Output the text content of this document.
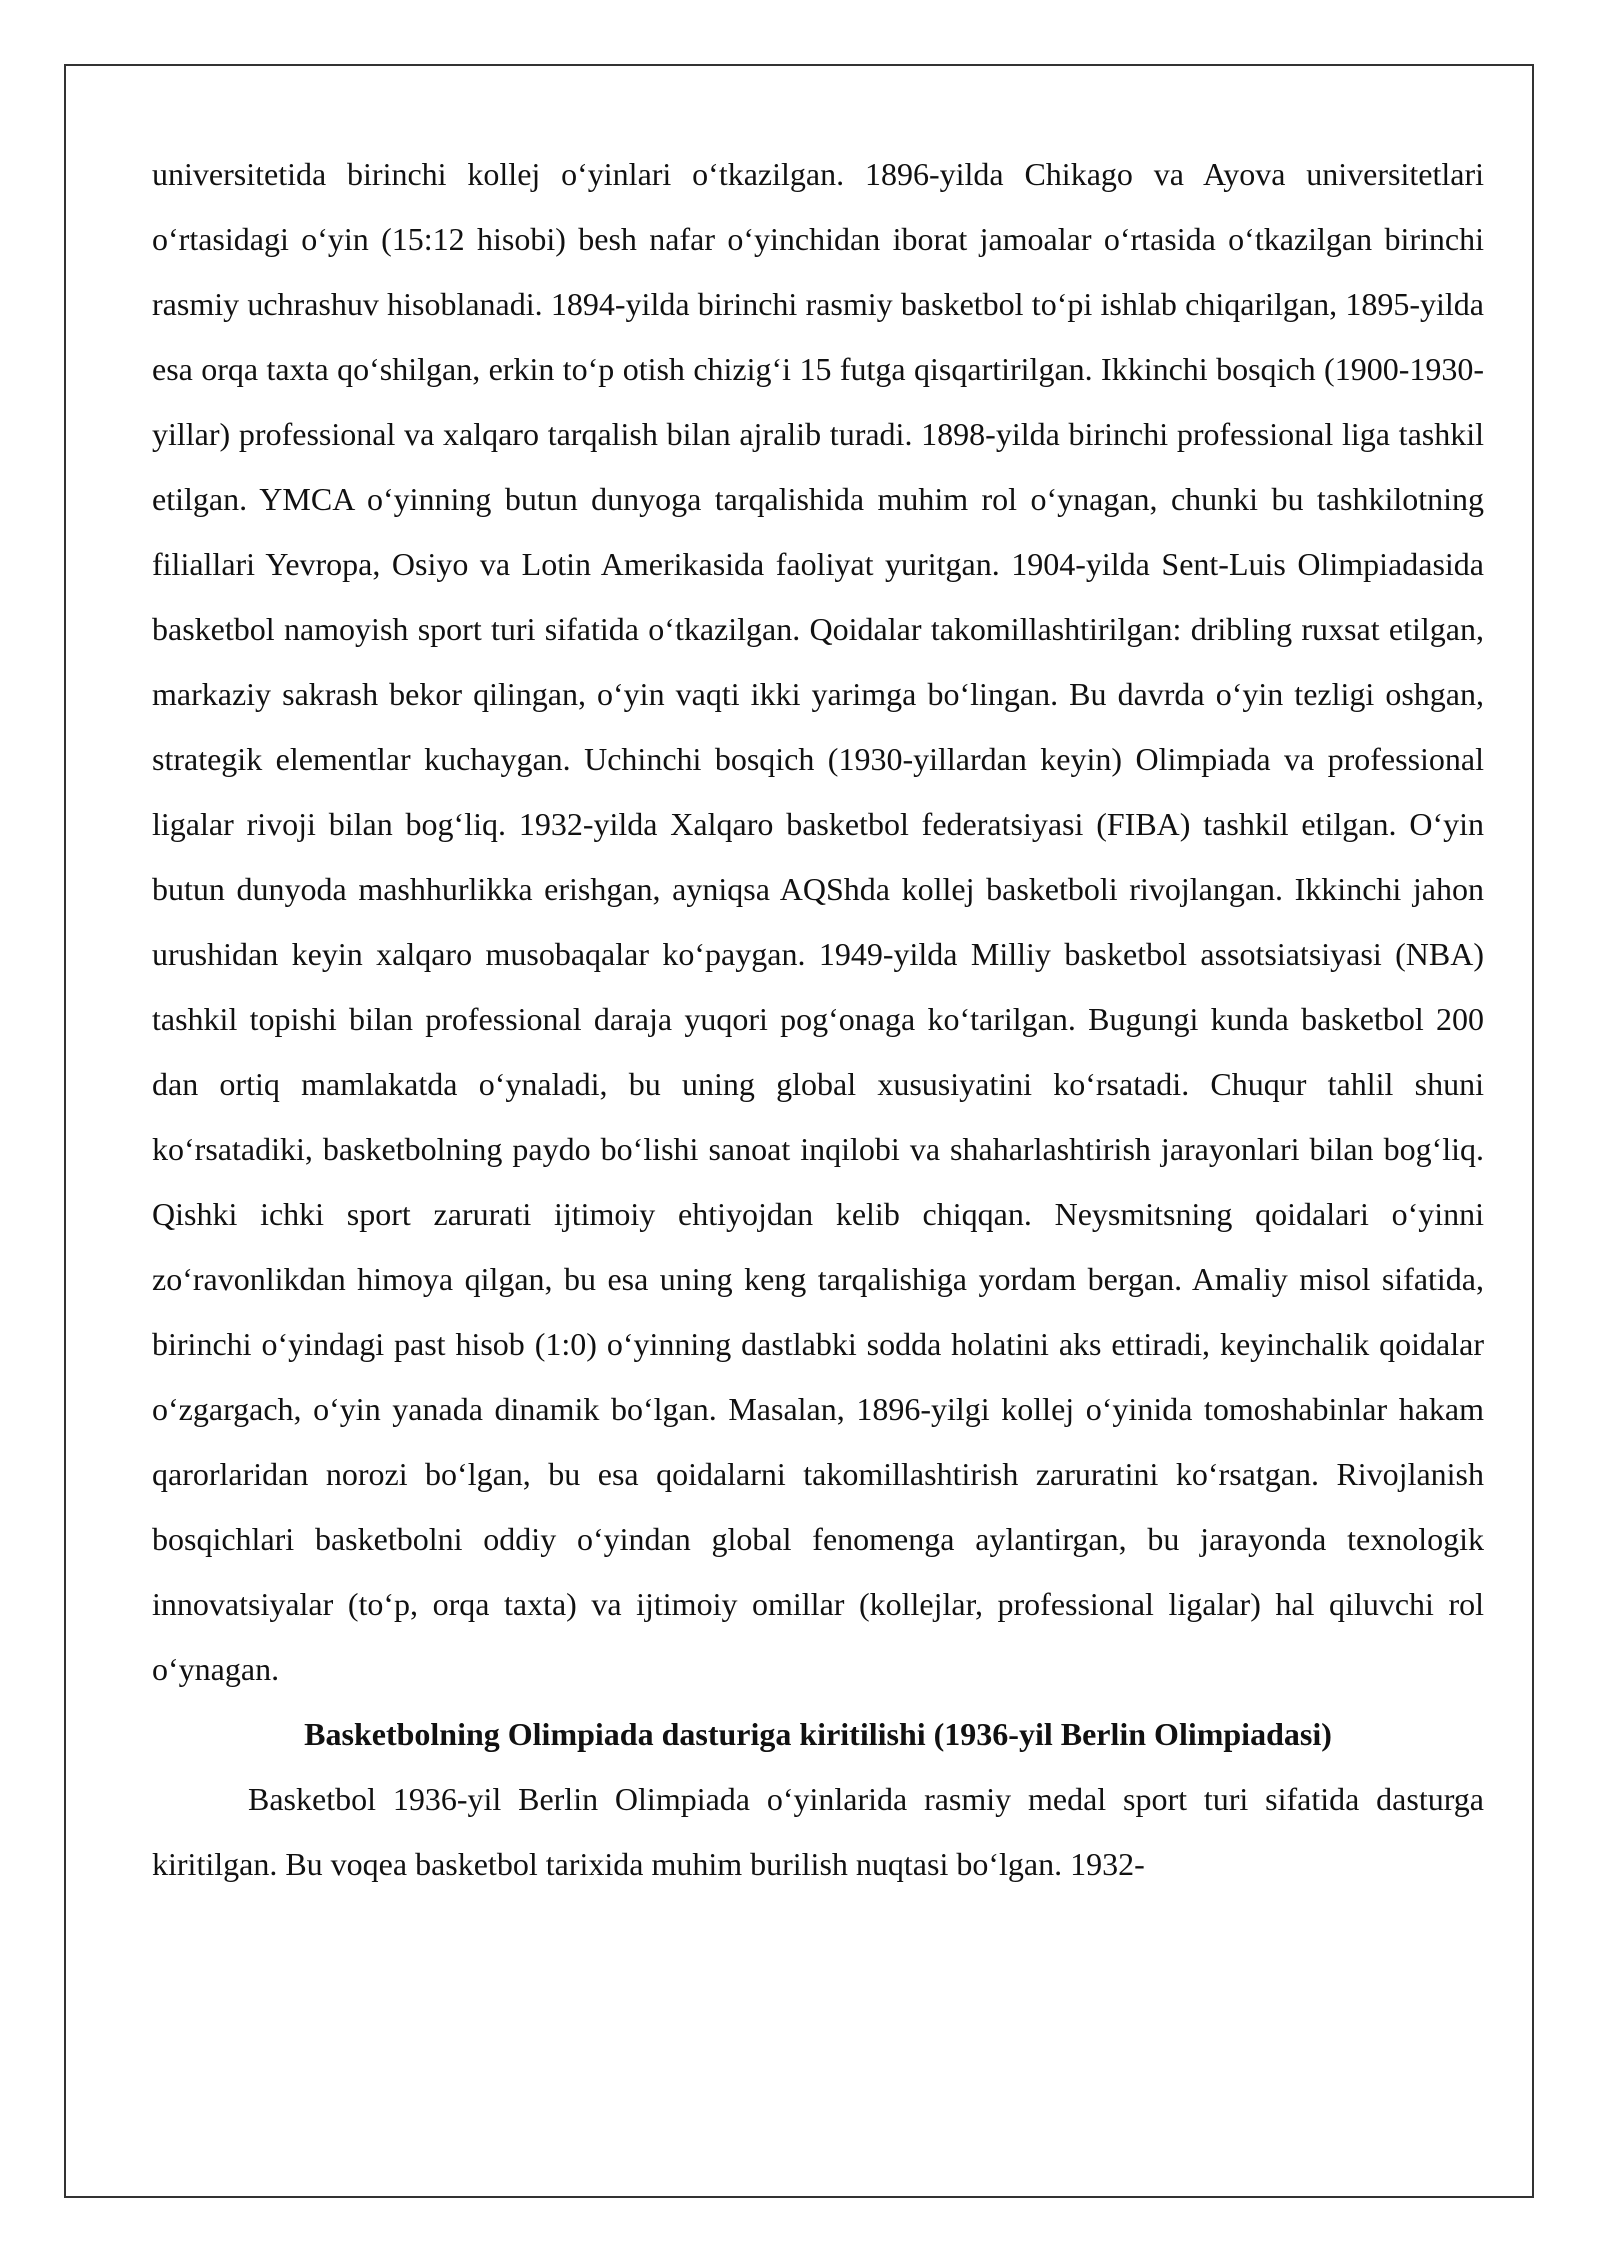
universitetida birinchi kollej oʻyinlari oʻtkazilgan. 1896-yilda Chikago va Ayova universitetlari oʻrtasidagi oʻyin (15:12 hisobi) besh nafar oʻyinchidan iborat jamoalar oʻrtasida oʻtkazilgan birinchi rasmiy uchrashuv hisoblanadi. 1894-yilda birinchi rasmiy basketbol toʻpi ishlab chiqarilgan, 1895-yilda esa orqa taxta qoʻshilgan, erkin toʻp otish chizigʻi 15 futga qisqartirilgan. Ikkinchi bosqich (1900-1930-yillar) professional va xalqaro tarqalish bilan ajralib turadi. 1898-yilda birinchi professional liga tashkil etilgan. YMCA oʻyinning butun dunyoga tarqalishida muhim rol oʻynagan, chunki bu tashkilotning filiallari Yevropa, Osiyo va Lotin Amerikasida faoliyat yuritgan. 1904-yilda Sent-Luis Olimpiadasida basketbol namoyish sport turi sifatida oʻtkazilgan. Qoidalar takomillashtirilgan: dribling ruxsat etilgan, markaziy sakrash bekor qilingan, oʻyin vaqti ikki yarimga boʻlingan. Bu davrda oʻyin tezligi oshgan, strategik elementlar kuchaygan. Uchinchi bosqich (1930-yillardan keyin) Olimpiada va professional ligalar rivoji bilan bogʻliq. 1932-yilda Xalqaro basketbol federatsiyasi (FIBA) tashkil etilgan. Oʻyin butun dunyoda mashhurlikka erishgan, ayniqsa AQShda kollej basketboli rivojlangan. Ikkinchi jahon urushidan keyin xalqaro musobaqalar koʻpaygan. 1949-yilda Milliy basketbol assotsiatsiyasi (NBA) tashkil topishi bilan professional daraja yuqori pogʻonaga koʻtarilgan. Bugungi kunda basketbol 200 dan ortiq mamlakatda oʻynaladi, bu uning global xususiyatini koʻrsatadi. Chuqur tahlil shuni koʻrsatadiki, basketbolning paydo boʻlishi sanoat inqilobi va shaharlashtirish jarayonlari bilan bogʻliq. Qishki ichki sport zarurati ijtimoiy ehtiyojdan kelib chiqqan. Neysmitsning qoidalari oʻyinni zoʻravonlikdan himoya qilgan, bu esa uning keng tarqalishiga yordam bergan. Amaliy misol sifatida, birinchi oʻyindagi past hisob (1:0) oʻyinning dastlabki sodda holatini aks ettiradi, keyinchalik qoidalar oʻzgargach, oʻyin yanada dinamik boʻlgan. Masalan, 1896-yilgi kollej oʻyinida tomoshabinlar hakam qarorlaridan norozi boʻlgan, bu esa qoidalarni takomillashtirish zaruratini koʻrsatgan. Rivojlanish bosqichlari basketbolni oddiy oʻyindan global fenomenga aylantirgan, bu jarayonda texnologik innovatsiyalar (toʻp, orqa taxta) va ijtimoiy omillar (kollejlar, professional ligalar) hal qiluvchi rol oʻynagan.

Basketbolning Olimpiada dasturiga kiritilishi (1936-yil Berlin Olimpiadasi)

Basketbol 1936-yil Berlin Olimpiada oʻyinlarida rasmiy medal sport turi sifatida dasturga kiritilgan. Bu voqea basketbol tarixida muhim burilish nuqtasi boʻlgan. 1932-
